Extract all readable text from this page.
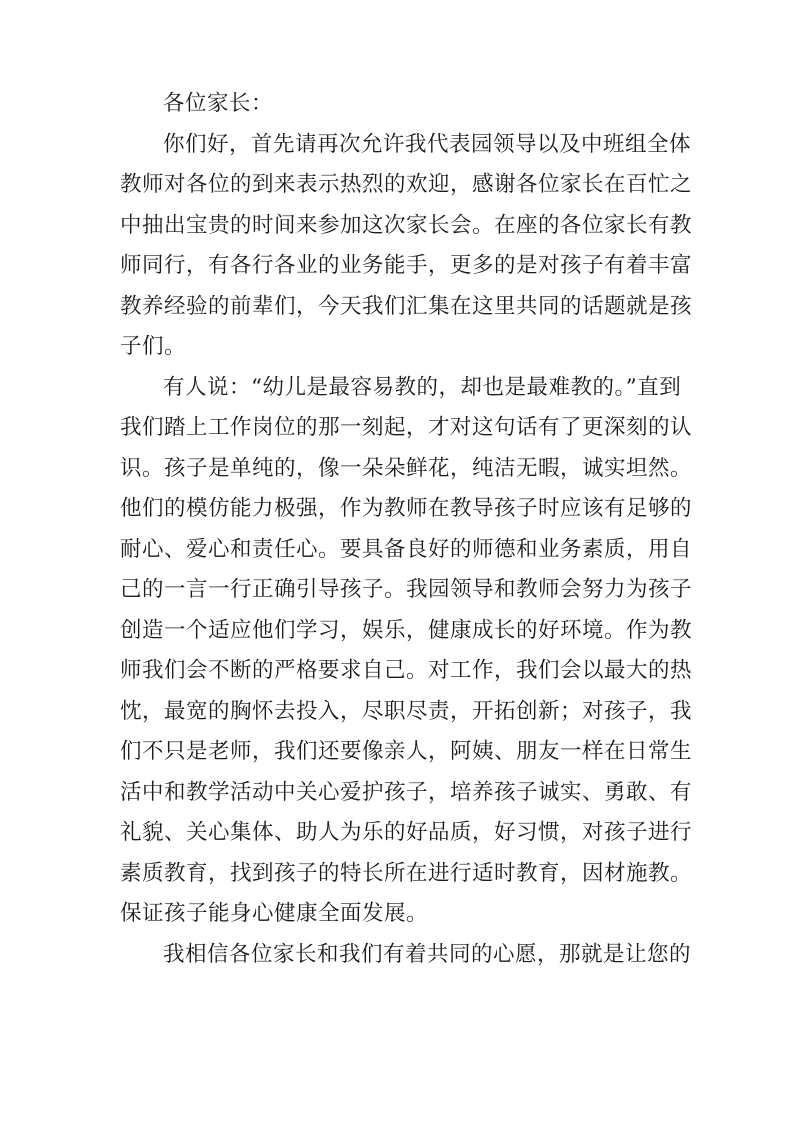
各位家长：
你们好，首先请再次允许我代表园领导以及中班组全体
教师对各位的到来表示热烈的欢迎，感谢各位家长在百忙之
中抽出宝贵的时间来参加这次家长会。在座的各位家长有教
师同行，有各行各业的业务能手，更多的是对孩子有着丰富
教养经验的前辈们，今天我们汇集在这里共同的话题就是孩
子们。
有人说：“幼儿是最容易教的，却也是最难教的。”直到
我们踏上工作岗位的那一刻起，才对这句话有了更深刻的认
识。孩子是单纯的，像一朵朵鲜花，纯洁无暇，诚实坦然。
他们的模仿能力极强，作为教师在教导孩子时应该有足够的
耐心、爱心和责任心。要具备良好的师德和业务素质，用自
己的一言一行正确引导孩子。我园领导和教师会努力为孩子
创造一个适应他们学习，娱乐，健康成长的好环境。作为教
师我们会不断的严格要求自己。对工作，我们会以最大的热
忱，最宽的胸怀去投入，尽职尽责，开拓创新；对孩子，我
们不只是老师，我们还要像亲人，阿姨、朋友一样在日常生
活中和教学活动中关心爱护孩子，培养孩子诚实、勇敢、有
礼貌、关心集体、助人为乐的好品质，好习惯，对孩子进行
素质教育，找到孩子的特长所在进行适时教育，因材施教。
保证孩子能身心健康全面发展。
我相信各位家长和我们有着共同的心愿，那就是让您的
